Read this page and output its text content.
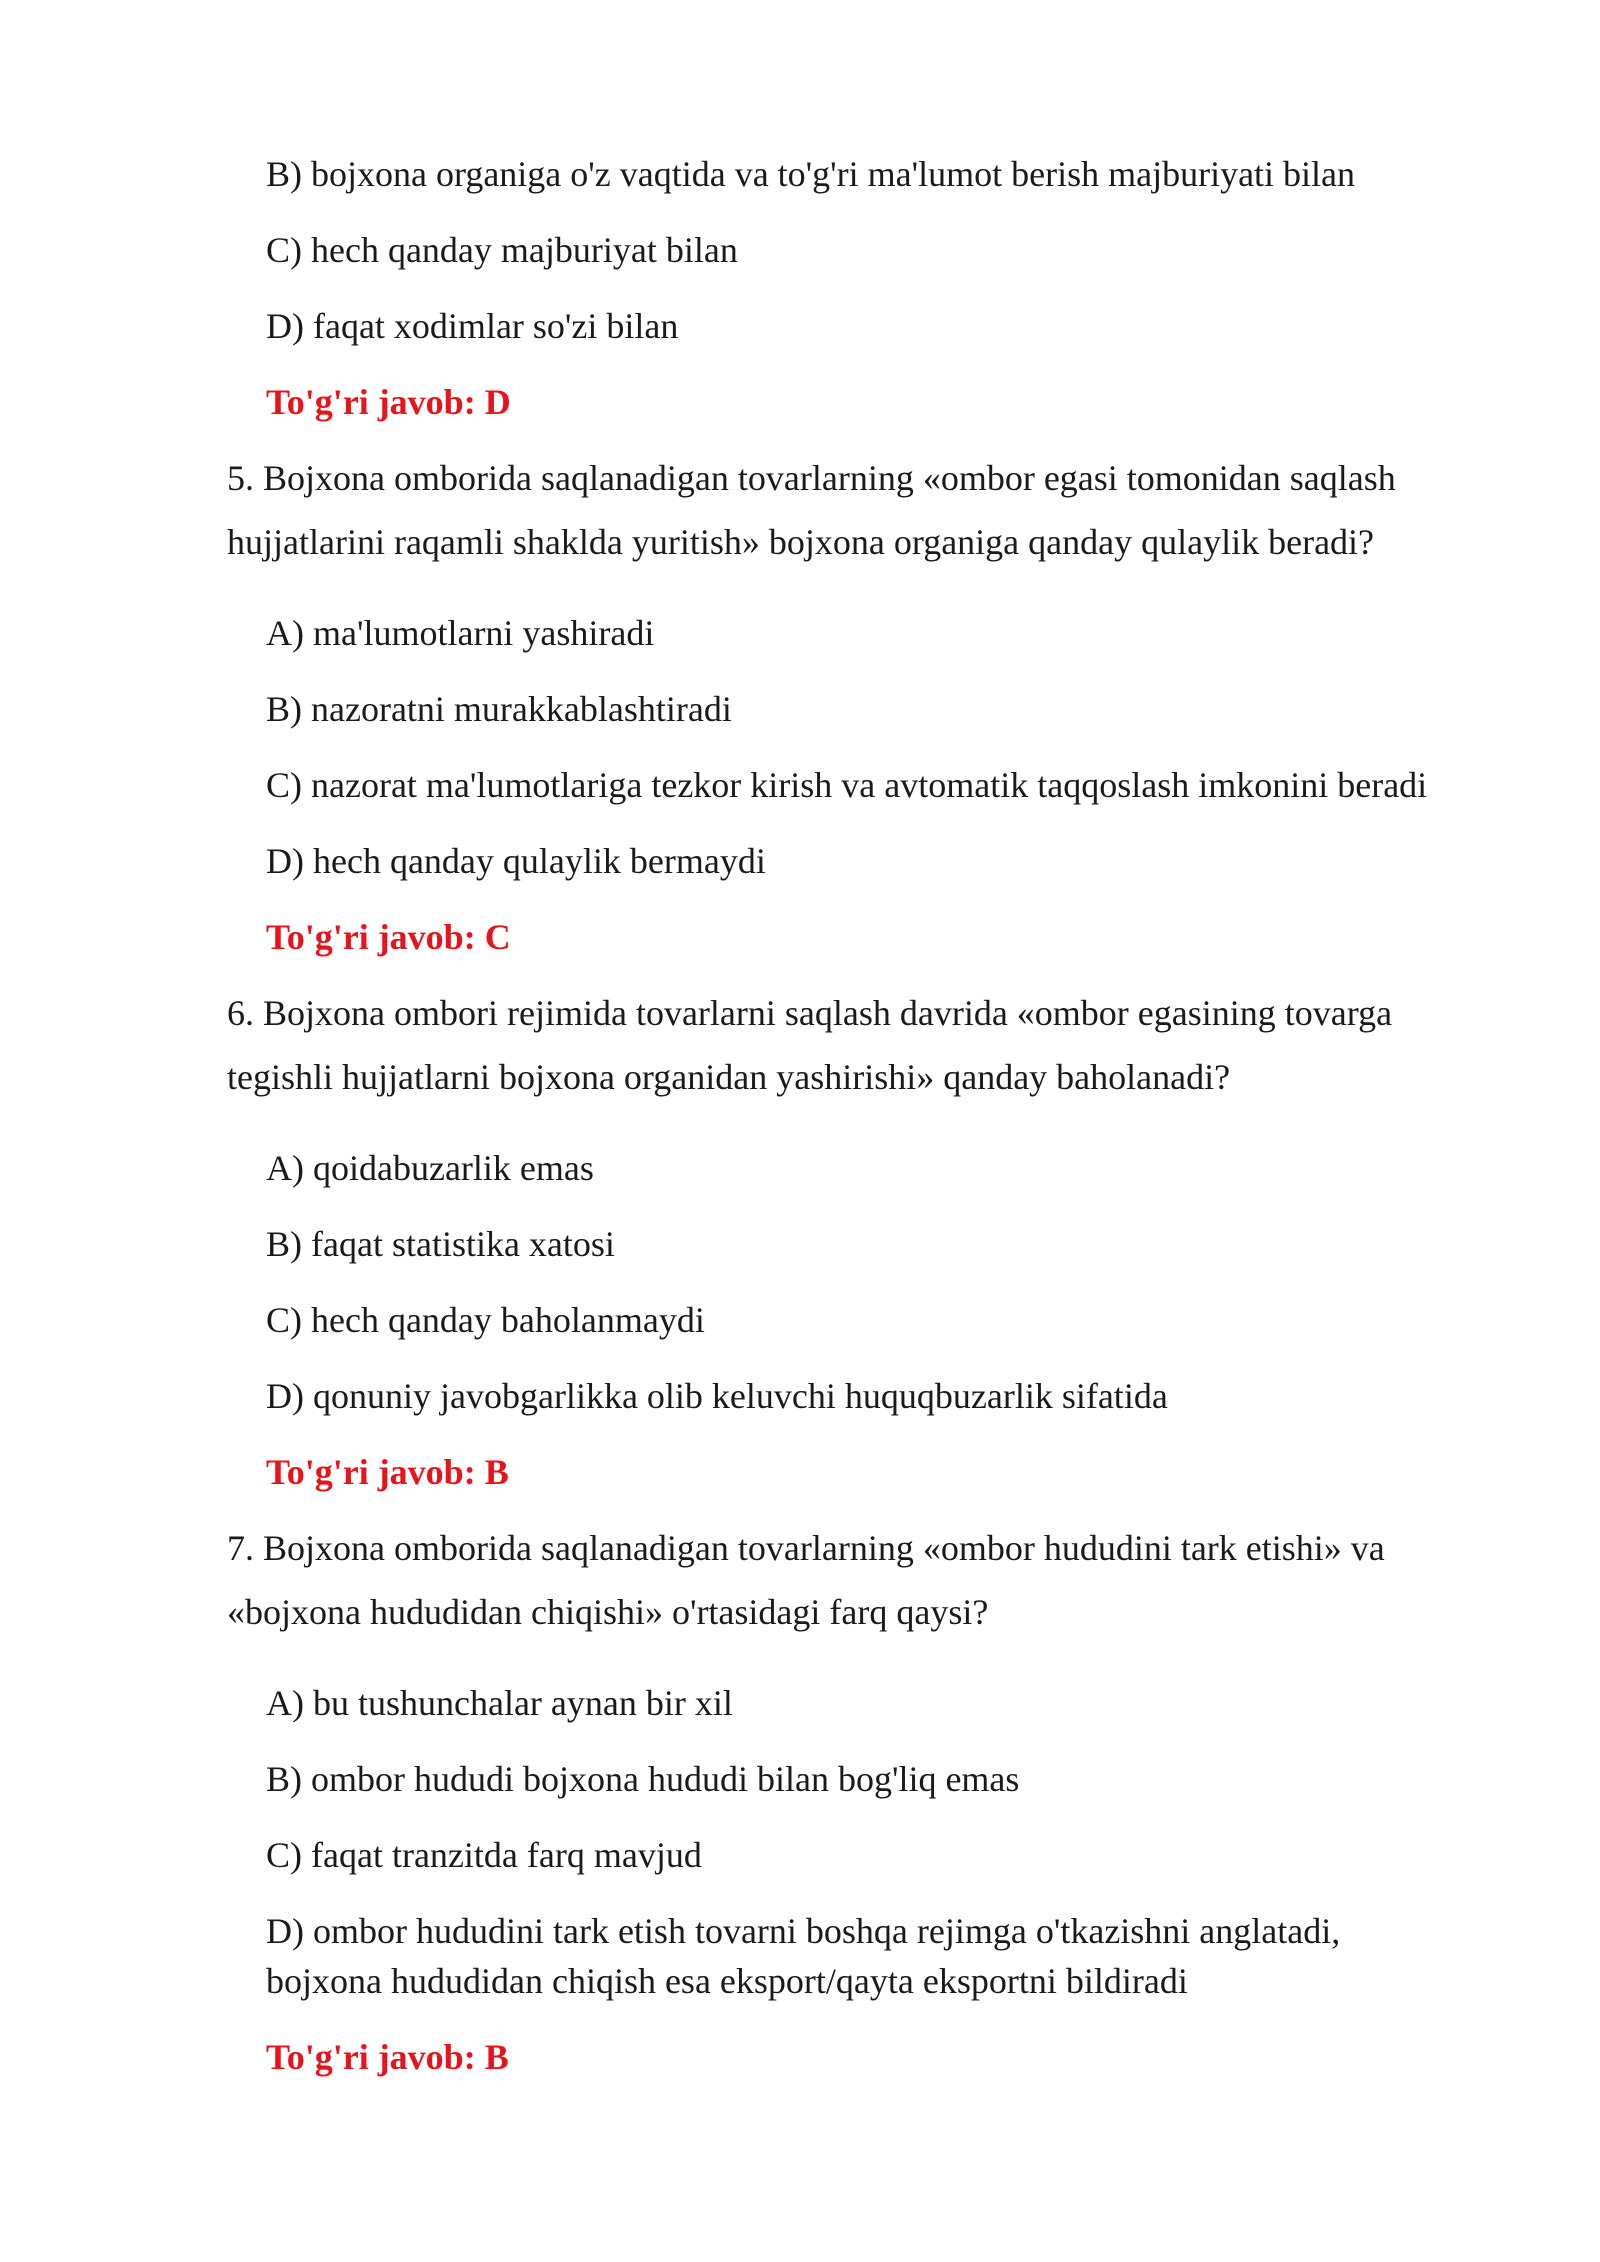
B) bojxona organiga o'z vaqtida va to'g'ri ma'lumot berish majburiyati bilan
C) hech qanday majburiyat bilan
D) faqat xodimlar so'zi bilan
To'g'ri javob: D
5. Bojxona omborida saqlanadigan tovarlarning «ombor egasi tomonidan saqlash
hujjatlarini raqamli shaklda yuritish» bojxona organiga qanday qulaylik beradi?
A) ma'lumotlarni yashiradi
B) nazoratni murakkablashtiradi
C) nazorat ma'lumotlariga tezkor kirish va avtomatik taqqoslash imkonini beradi
D) hech qanday qulaylik bermaydi
To'g'ri javob: C
6. Bojxona ombori rejimida tovarlarni saqlash davrida «ombor egasining tovarga
tegishli hujjatlarni bojxona organidan yashirishi» qanday baholanadi?
A) qoidabuzarlik emas
B) faqat statistika xatosi
C) hech qanday baholanmaydi
D) qonuniy javobgarlikka olib keluvchi huquqbuzarlik sifatida
To'g'ri javob: B
7. Bojxona omborida saqlanadigan tovarlarning «ombor hududini tark etishi» va
«bojxona hududidan chiqishi» o'rtasidagi farq qaysi?
A) bu tushunchalar aynan bir xil
B) ombor hududi bojxona hududi bilan bog'liq emas
C) faqat tranzitda farq mavjud
D) ombor hududini tark etish tovarni boshqa rejimga o'tkazishni anglatadi,
bojxona hududidan chiqish esa eksport/qayta eksportni bildiradi
To'g'ri javob: B
